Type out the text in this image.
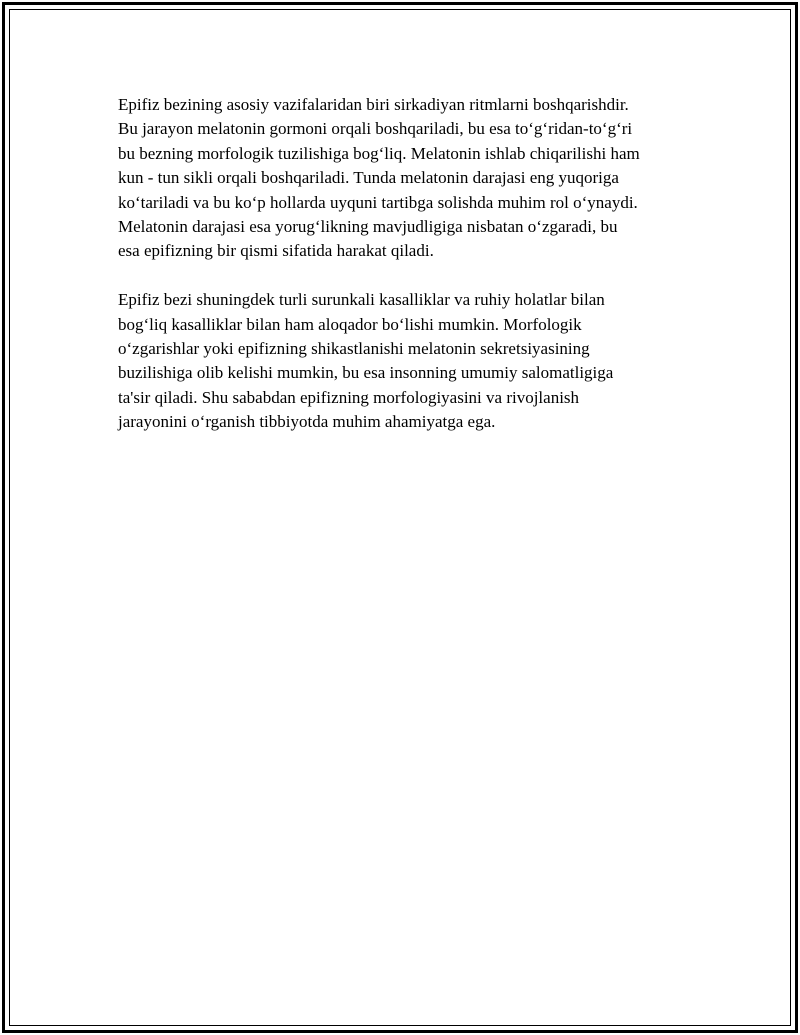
Epifiz bezining asosiy vazifalaridan biri sirkadiyan ritmlarni boshqarishdir.
Bu jarayon melatonin gormoni orqali boshqariladi, bu esa to‘g‘ridan-to‘g‘ri
bu bezning morfologik tuzilishiga bog‘liq. Melatonin ishlab chiqarilishi ham
kun - tun sikli orqali boshqariladi. Tunda melatonin darajasi eng yuqoriga
ko‘tariladi va bu ko‘p hollarda uyquni tartibga solishda muhim rol o‘ynaydi.
Melatonin darajasi esa yorug‘likning mavjudligiga nisbatan o‘zgaradi, bu
esa epifizning bir qismi sifatida harakat qiladi.

Epifiz bezi shuningdek turli surunkali kasalliklar va ruhiy holatlar bilan
bog‘liq kasalliklar bilan ham aloqador bo‘lishi mumkin. Morfologik
o‘zgarishlar yoki epifizning shikastlanishi melatonin sekretsiyasining
buzilishiga olib kelishi mumkin, bu esa insonning umumiy salomatligiga
ta'sir qiladi. Shu sababdan epifizning morfologiyasini va rivojlanish
jarayonini o‘rganish tibbiyotda muhim ahamiyatga ega.
